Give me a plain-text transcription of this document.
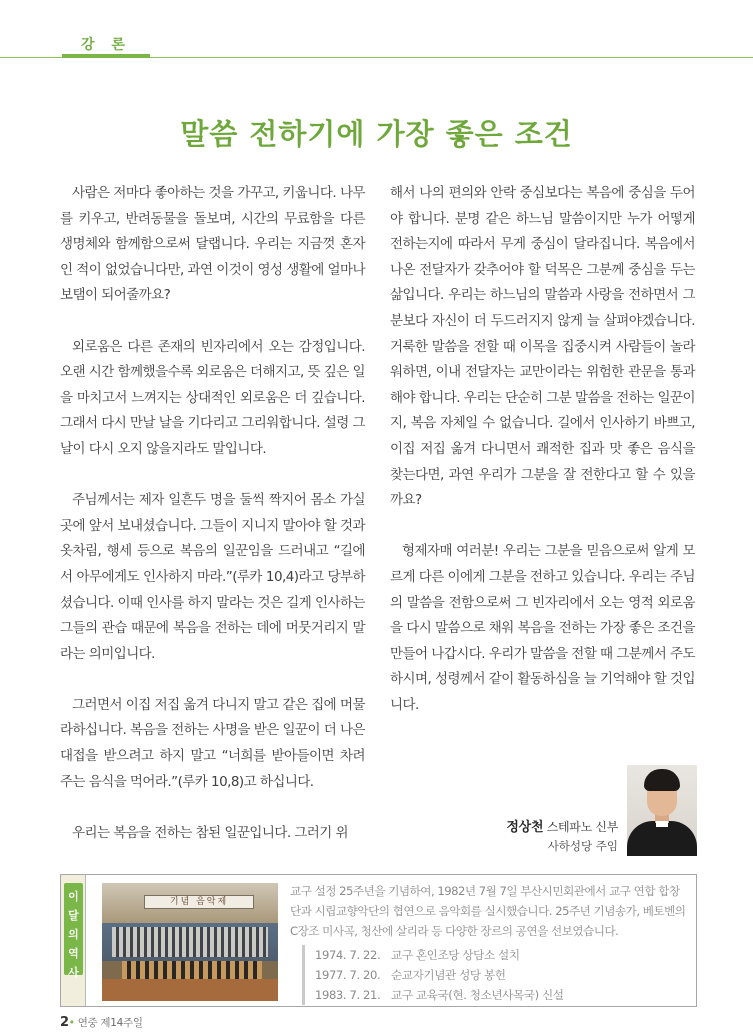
강 론
말씀 전하기에 가장 좋은 조건

사람은 저마다 좋아하는 것을 가꾸고, 키웁니다. 나무를 키우고, 반려동물을 돌보며, 시간의 무료함을 다른 생명체와 함께함으로써 달랩니다. 우리는 지금껏 혼자인 적이 없었습니다만, 과연 이것이 영성 생활에 얼마나 보탬이 되어줄까요?

외로움은 다른 존재의 빈자리에서 오는 감정입니다. 오랜 시간 함께했을수록 외로움은 더해지고, 뜻 깊은 일을 마치고서 느껴지는 상대적인 외로움은 더 깊습니다. 그래서 다시 만날 날을 기다리고 그리워합니다. 설령 그날이 다시 오지 않을지라도 말입니다.

주님께서는 제자 일흔두 명을 둘씩 짝지어 몸소 가실 곳에 앞서 보내셨습니다. 그들이 지니지 말아야 할 것과 옷차림, 행세 등으로 복음의 일꾼임을 드러내고 “길에서 아무에게도 인사하지 마라.”(루카 10,4)라고 당부하셨습니다. 이때 인사를 하지 말라는 것은 길게 인사하는 그들의 관습 때문에 복음을 전하는 데에 머뭇거리지 말라는 의미입니다.

그러면서 이집 저집 옮겨 다니지 말고 같은 집에 머물라하십니다. 복음을 전하는 사명을 받은 일꾼이 더 나은 대접을 받으려고 하지 말고 “너희를 받아들이면 차려 주는 음식을 먹어라.”(루카 10,8)고 하십니다.

우리는 복음을 전하는 참된 일꾼입니다. 그러기 위

해서 나의 편의와 안락 중심보다는 복음에 중심을 두어야 합니다. 분명 같은 하느님 말씀이지만 누가 어떻게 전하는지에 따라서 무게 중심이 달라집니다. 복음에서 나온 전달자가 갖추어야 할 덕목은 그분께 중심을 두는 삶입니다. 우리는 하느님의 말씀과 사랑을 전하면서 그분보다 자신이 더 두드러지지 않게 늘 살펴야겠습니다. 거룩한 말씀을 전할 때 이목을 집중시켜 사람들이 놀라워하면, 이내 전달자는 교만이라는 위험한 관문을 통과해야 합니다. 우리는 단순히 그분 말씀을 전하는 일꾼이지, 복음 자체일 수 없습니다. 길에서 인사하기 바쁘고, 이집 저집 옮겨 다니면서 쾌적한 집과 맛 좋은 음식을 찾는다면, 과연 우리가 그분을 잘 전한다고 할 수 있을까요?

형제자매 여러분! 우리는 그분을 믿음으로써 알게 모르게 다른 이에게 그분을 전하고 있습니다. 우리는 주님의 말씀을 전함으로써 그 빈자리에서 오는 영적 외로움을 다시 말씀으로 채워 복음을 전하는 가장 좋은 조건을 만들어 나갑시다. 우리가 말씀을 전할 때 그분께서 주도하시며, 성령께서 같이 활동하심을 늘 기억해야 할 것입니다.

정상천 스테파노 신부
사하성당 주임
이
달
의
역
사
기념 음악제
교구 설정 25주년을 기념하여, 1982년 7월 7일 부산시민회관에서 교구 연합 합창단과 시립교향악단의 협연으로 음악회를 실시했습니다. 25주년 기념송가, 베토벤의 C장조 미사곡, 청산에 살리라 등 다양한 장르의 공연을 선보였습니다.
1974. 7. 22. 교구 혼인조당 상담소 설치
1977. 7. 20. 순교자기념관 성당 봉헌
1983. 7. 21. 교구 교육국(현. 청소년사목국) 신설
2• 연중 제14주일
